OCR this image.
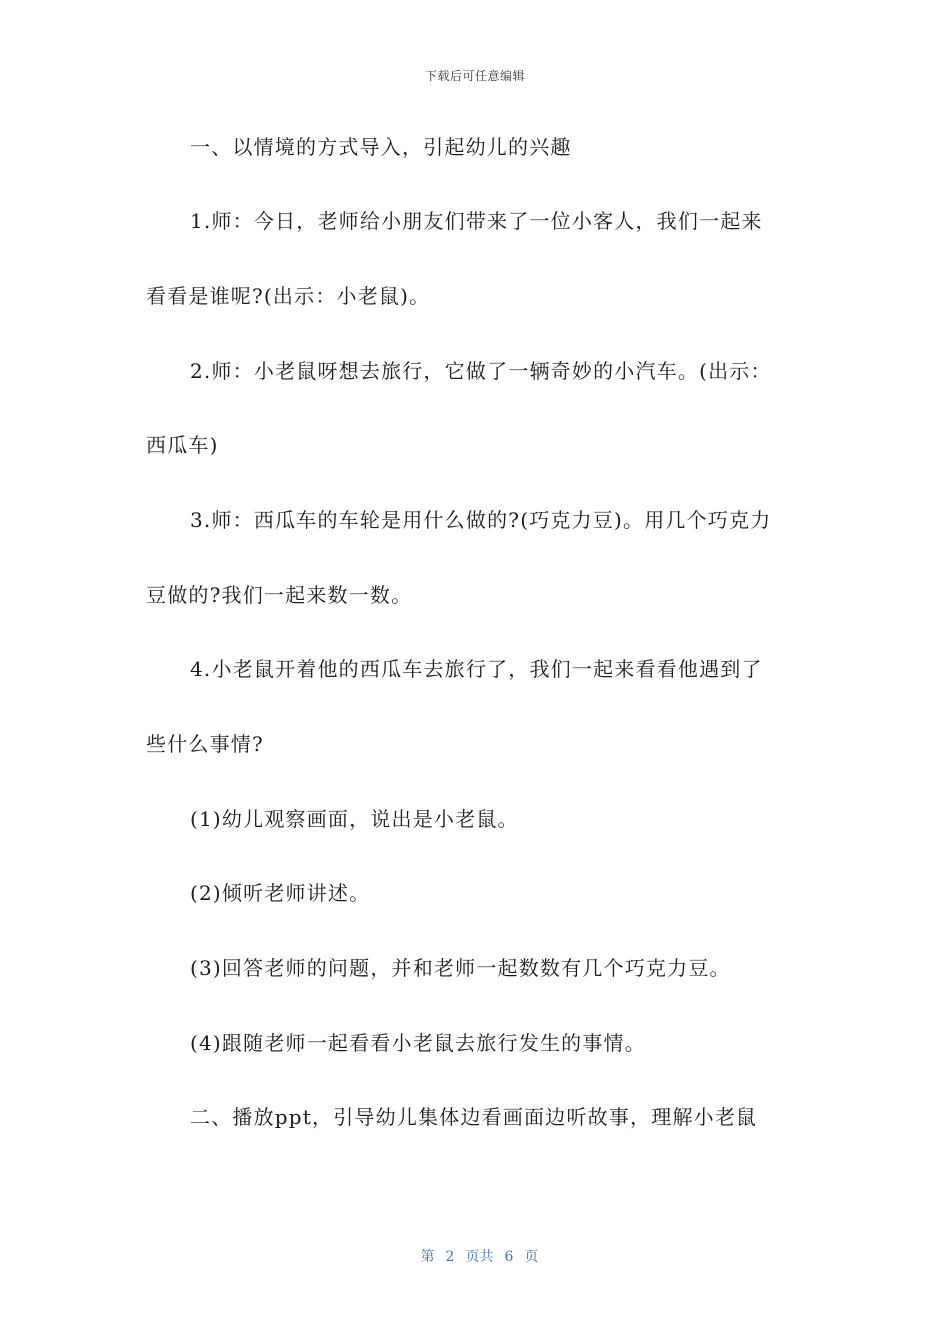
下载后可任意编辑
一、以情境的方式导入，引起幼儿的兴趣
1.师：今日，老师给小朋友们带来了一位小客人，我们一起来
看看是谁呢?(出示：小老鼠)。
2.师：小老鼠呀想去旅行，它做了一辆奇妙的小汽车。(出示：
西瓜车)
3.师：西瓜车的车轮是用什么做的?(巧克力豆)。用几个巧克力
豆做的?我们一起来数一数。
4.小老鼠开着他的西瓜车去旅行了，我们一起来看看他遇到了
些什么事情?
(1)幼儿观察画面，说出是小老鼠。
(2)倾听老师讲述。
(3)回答老师的问题，并和老师一起数数有几个巧克力豆。
(4)跟随老师一起看看小老鼠去旅行发生的事情。
二、播放ppt，引导幼儿集体边看画面边听故事，理解小老鼠

第 2 页共 6 页
